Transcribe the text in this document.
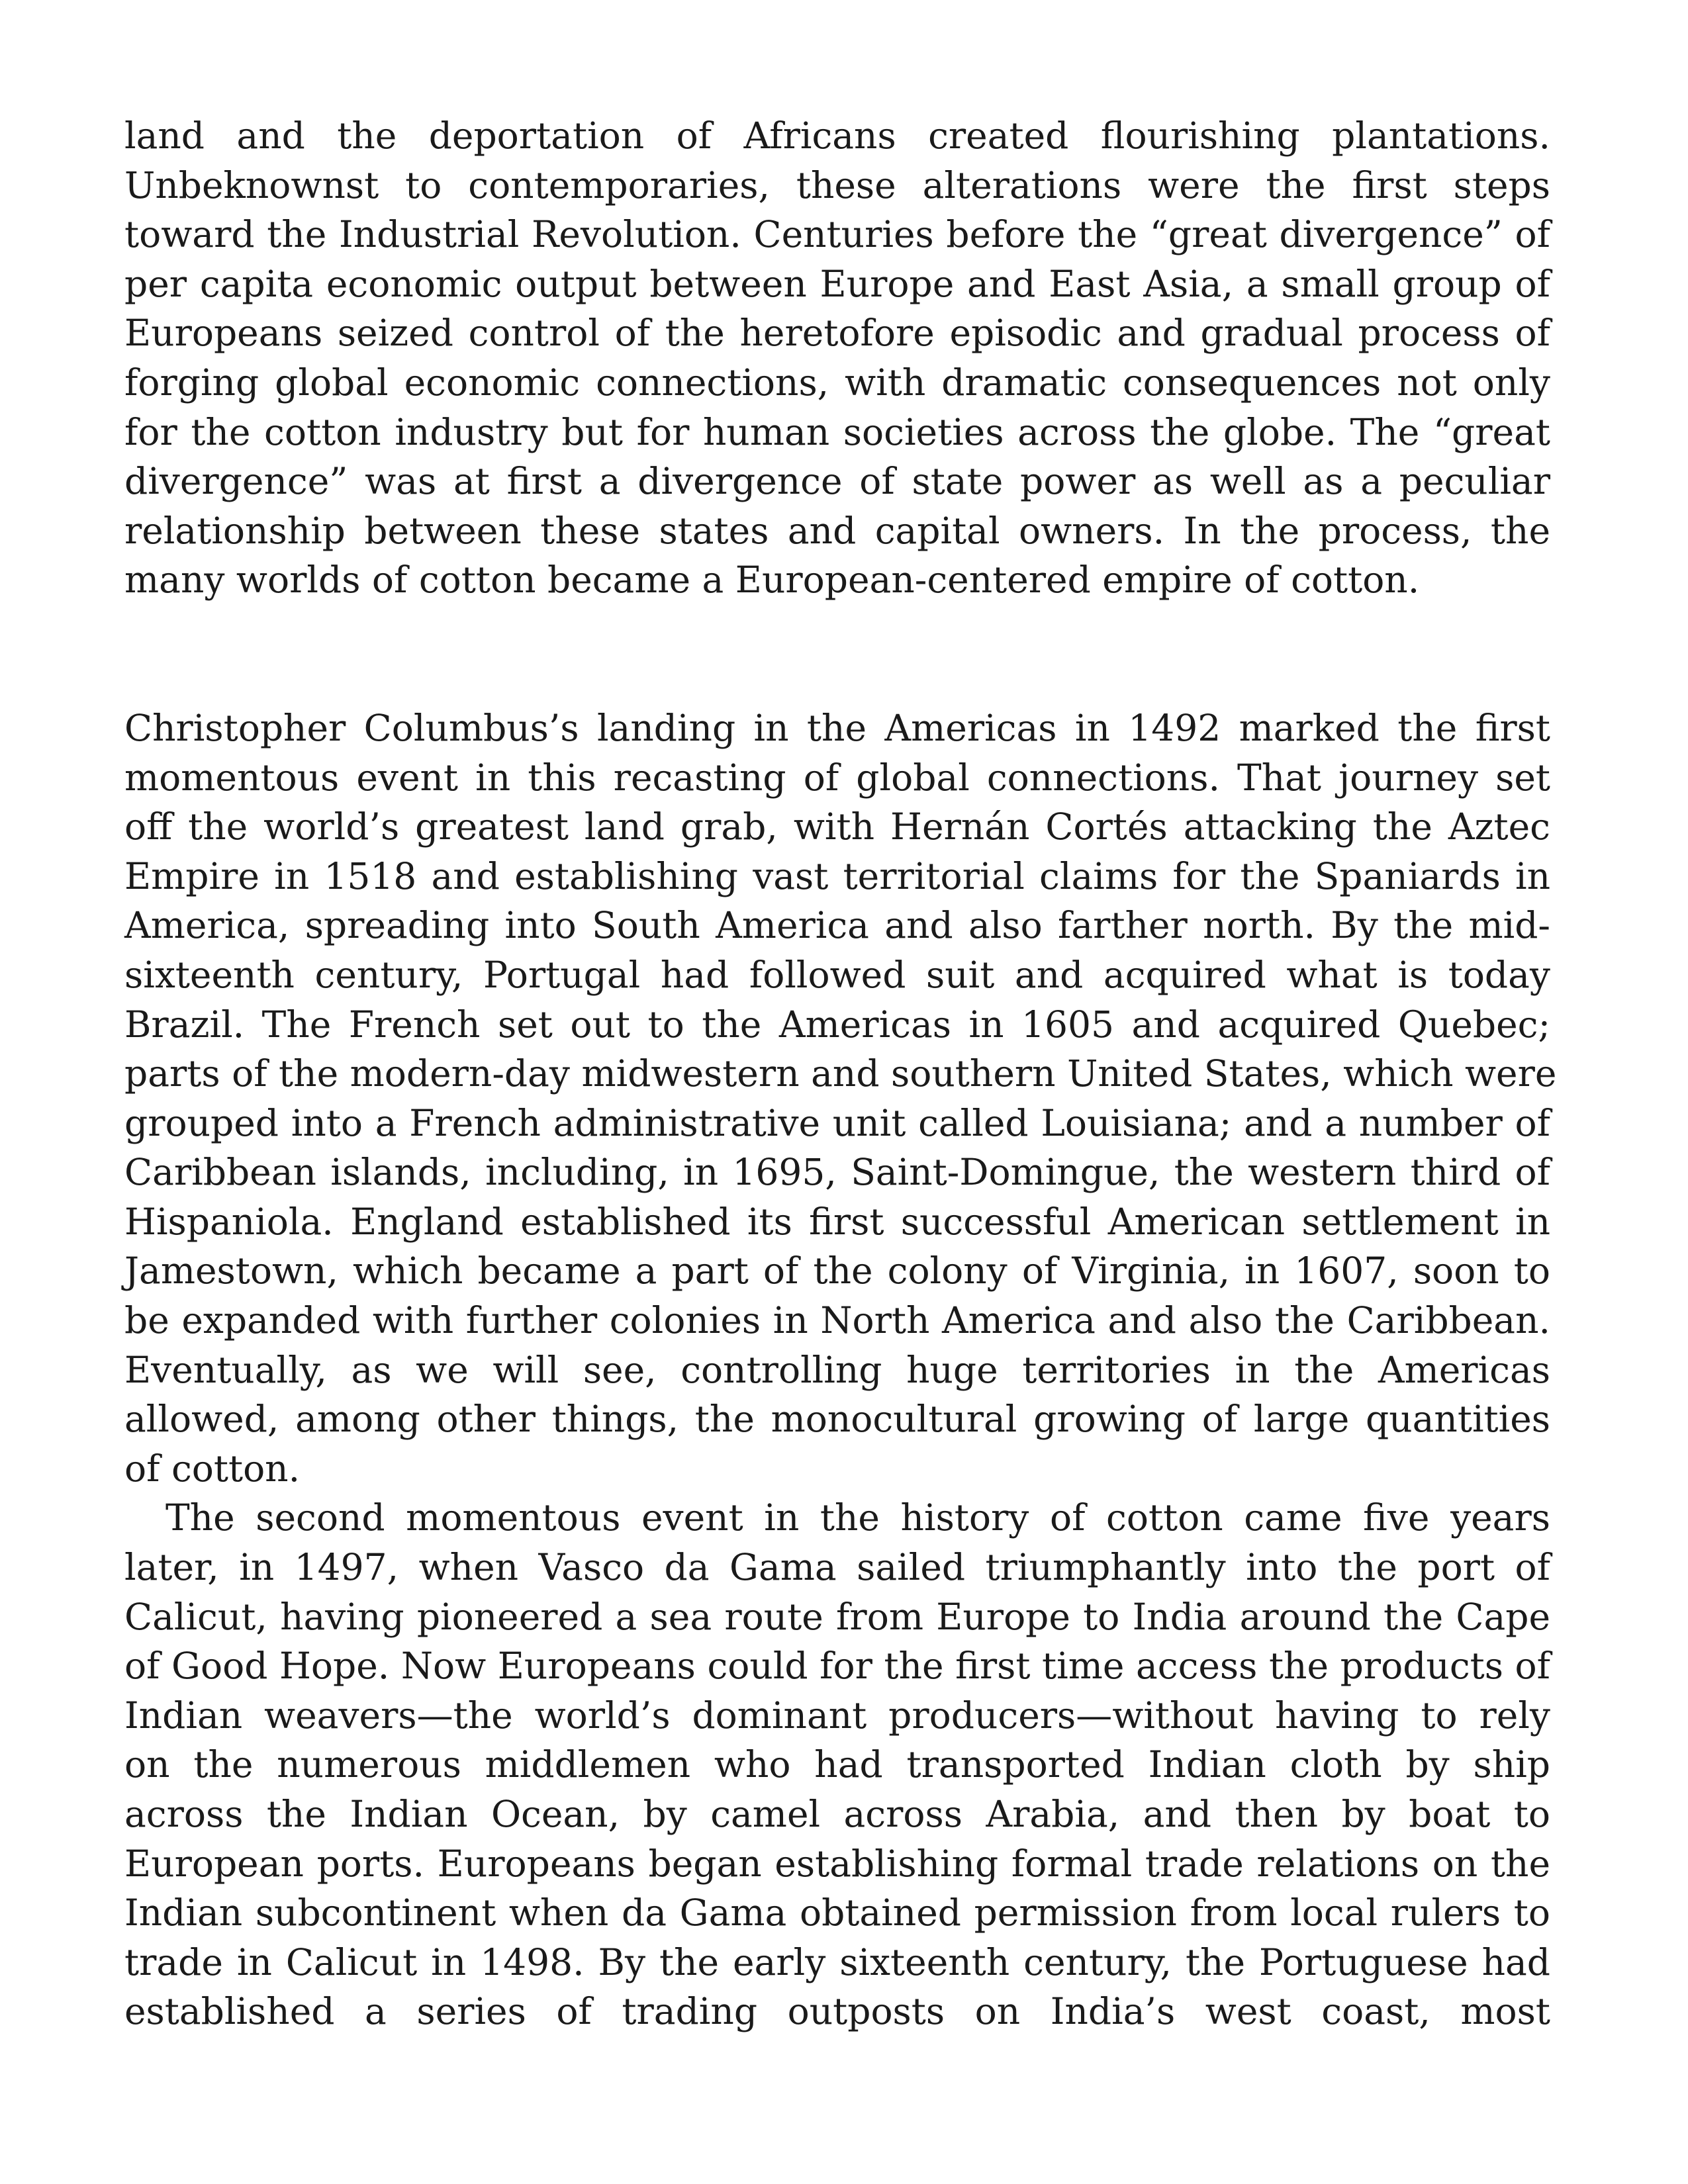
land and the deportation of Africans created flourishing plantations.
Unbeknownst to contemporaries, these alterations were the first steps
toward the Industrial Revolution. Centuries before the “great divergence” of
per capita economic output between Europe and East Asia, a small group of
Europeans seized control of the heretofore episodic and gradual process of
forging global economic connections, with dramatic consequences not only
for the cotton industry but for human societies across the globe. The “great
divergence” was at first a divergence of state power as well as a peculiar
relationship between these states and capital owners. In the process, the
many worlds of cotton became a European-centered empire of cotton.
Christopher Columbus’s landing in the Americas in 1492 marked the first
momentous event in this recasting of global connections. That journey set
off the world’s greatest land grab, with Hernán Cortés attacking the Aztec
Empire in 1518 and establishing vast territorial claims for the Spaniards in
America, spreading into South America and also farther north. By the mid-
sixteenth century, Portugal had followed suit and acquired what is today
Brazil. The French set out to the Americas in 1605 and acquired Quebec;
parts of the modern-day midwestern and southern United States, which were
grouped into a French administrative unit called Louisiana; and a number of
Caribbean islands, including, in 1695, Saint-Domingue, the western third of
Hispaniola. England established its first successful American settlement in
Jamestown, which became a part of the colony of Virginia, in 1607, soon to
be expanded with further colonies in North America and also the Caribbean.
Eventually, as we will see, controlling huge territories in the Americas
allowed, among other things, the monocultural growing of large quantities
of cotton.
The second momentous event in the history of cotton came five years
later, in 1497, when Vasco da Gama sailed triumphantly into the port of
Calicut, having pioneered a sea route from Europe to India around the Cape
of Good Hope. Now Europeans could for the first time access the products of
Indian weavers—the world’s dominant producers—without having to rely
on the numerous middlemen who had transported Indian cloth by ship
across the Indian Ocean, by camel across Arabia, and then by boat to
European ports. Europeans began establishing formal trade relations on the
Indian subcontinent when da Gama obtained permission from local rulers to
trade in Calicut in 1498. By the early sixteenth century, the Portuguese had
established a series of trading outposts on India’s west coast, most
